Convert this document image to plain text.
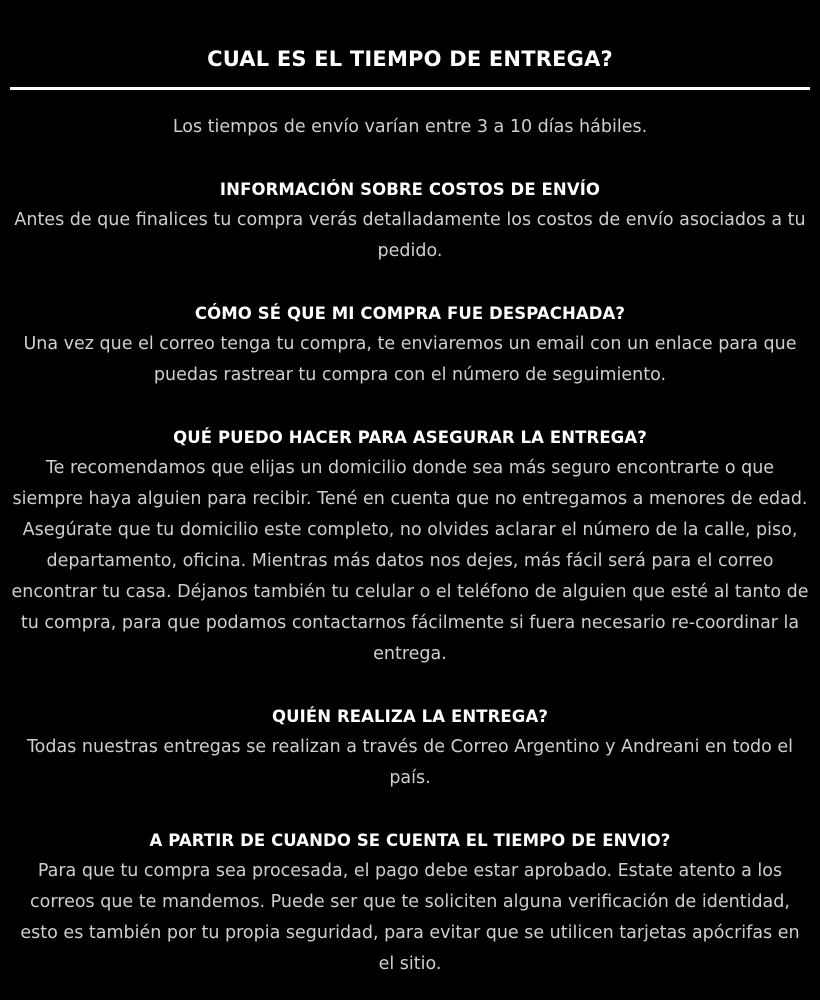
CUAL ES EL TIEMPO DE ENTREGA?

Los tiempos de envío varían entre 3 a 10 días hábiles.

INFORMACIÓN SOBRE COSTOS DE ENVÍO

Antes de que finalices tu compra verás detalladamente los costos de envío asociados a tu pedido.

CÓMO SÉ QUE MI COMPRA FUE DESPACHADA?

Una vez que el correo tenga tu compra, te enviaremos un email con un enlace para que puedas rastrear tu compra con el número de seguimiento.

QUÉ PUEDO HACER PARA ASEGURAR LA ENTREGA?

Te recomendamos que elijas un domicilio donde sea más seguro encontrarte o que siempre haya alguien para recibir. Tené en cuenta que no entregamos a menores de edad. Asegúrate que tu domicilio este completo, no olvides aclarar el número de la calle, piso, departamento, oficina. Mientras más datos nos dejes, más fácil será para el correo encontrar tu casa. Déjanos también tu celular o el teléfono de alguien que esté al tanto de tu compra, para que podamos contactarnos fácilmente si fuera necesario re-coordinar la entrega.

QUIÉN REALIZA LA ENTREGA?

Todas nuestras entregas se realizan a través de Correo Argentino y Andreani en todo el país.

A PARTIR DE CUANDO SE CUENTA EL TIEMPO DE ENVIO?

Para que tu compra sea procesada, el pago debe estar aprobado. Estate atento a los correos que te mandemos. Puede ser que te soliciten alguna verificación de identidad, esto es también por tu propia seguridad, para evitar que se utilicen tarjetas apócrifas en el sitio.
